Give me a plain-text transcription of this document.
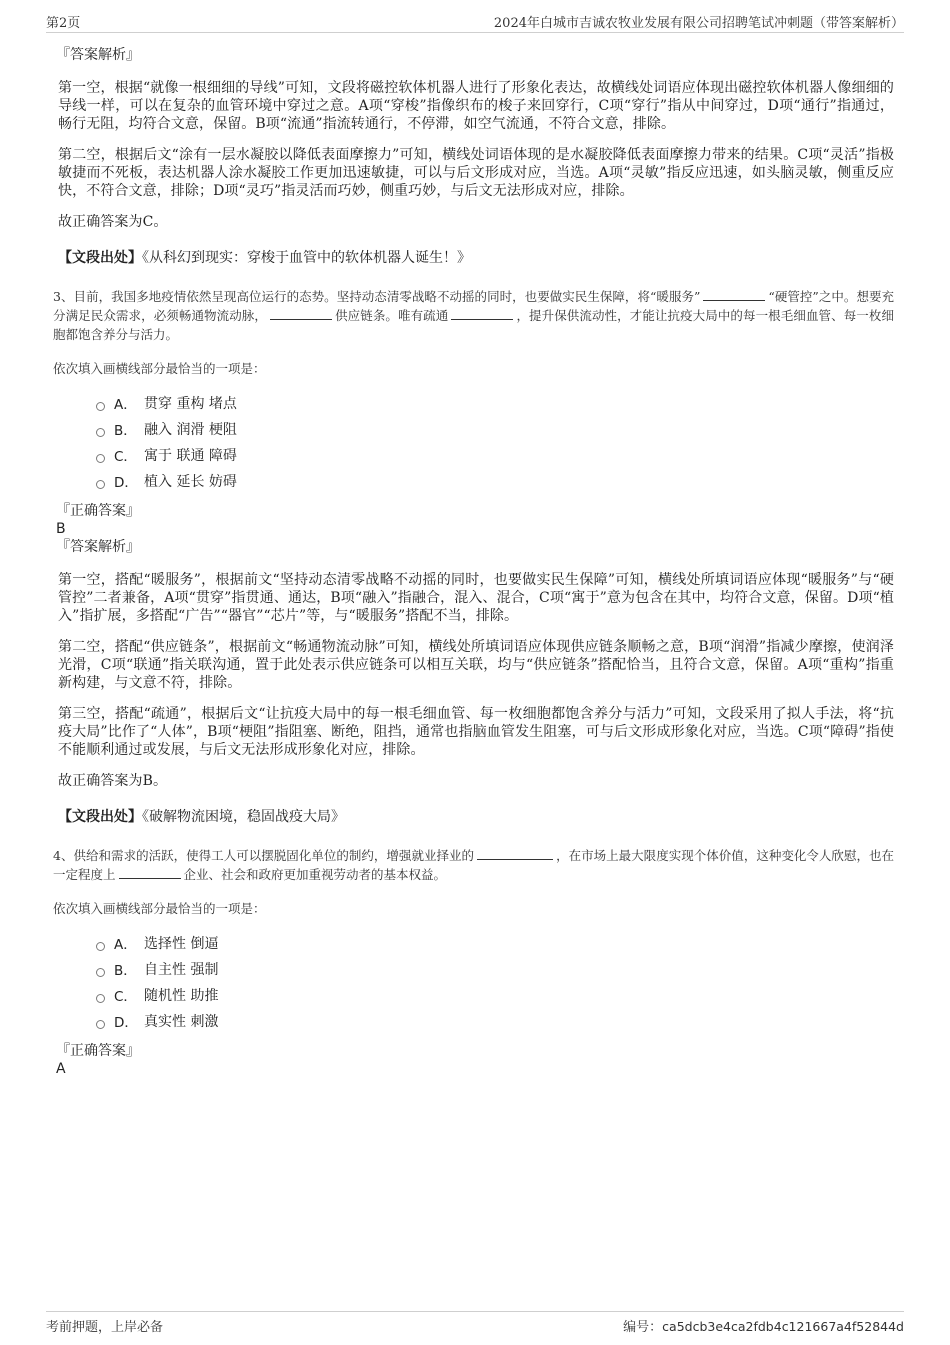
第2页	2024年白城市吉诚农牧业发展有限公司招聘笔试冲刺题（带答案解析）

『答案解析』

第一空，根据“就像一根细细的导线”可知，文段将磁控软体机器人进行了形象化表达，故横线处词语应体现出磁控软体机器人像细细的导线一样，可以在复杂的血管环境中穿过之意。A项“穿梭”指像织布的梭子来回穿行，C项“穿行”指从中间穿过，D项“通行”指通过，畅行无阻，均符合文意，保留。B项“流通”指流转通行，不停滞，如空气流通，不符合文意，排除。

第二空，根据后文“涂有一层水凝胶以降低表面摩擦力”可知，横线处词语体现的是水凝胶降低表面摩擦力带来的结果。C项“灵活”指极敏捷而不死板，表达机器人涂水凝胶工作更加迅速敏捷，可以与后文形成对应，当选。A项“灵敏”指反应迅速，如头脑灵敏，侧重反应快，不符合文意，排除；D项“灵巧”指灵活而巧妙，侧重巧妙，与后文无法形成对应，排除。

故正确答案为C。

【文段出处】《从科幻到现实：穿梭于血管中的软体机器人诞生！》

3、目前，我国多地疫情依然呈现高位运行的态势。坚持动态清零战略不动摇的同时，也要做实民生保障，将“暖服务”	“硬管控”之中。想要充分满足民众需求，必须畅通物流动脉，	供应链条。唯有疏通	，提升保供流动性，才能让抗疫大局中的每一根毛细血管、每一枚细胞都饱含养分与活力。

依次填入画横线部分最恰当的一项是：

A． 贯穿 重构 堵点
B． 融入 润滑 梗阻
C． 寓于 联通 障碍
D． 植入 延长 妨碍

『正确答案』

B

『答案解析』

第一空，搭配“暖服务”，根据前文“坚持动态清零战略不动摇的同时，也要做实民生保障”可知，横线处所填词语应体现“暖服务”与“硬管控”二者兼备，A项“贯穿”指贯通、通达，B项“融入”指融合，混入、混合，C项“寓于”意为包含在其中，均符合文意，保留。D项“植入”指扩展，多搭配“广告”“器官”“芯片”等，与“暖服务”搭配不当，排除。

第二空，搭配“供应链条”，根据前文“畅通物流动脉”可知，横线处所填词语应体现供应链条顺畅之意，B项“润滑”指减少摩擦，使润泽光滑，C项“联通”指关联沟通，置于此处表示供应链条可以相互关联，均与“供应链条”搭配恰当，且符合文意，保留。A项“重构”指重新构建，与文意不符，排除。

第三空，搭配“疏通”，根据后文“让抗疫大局中的每一根毛细血管、每一枚细胞都饱含养分与活力”可知，文段采用了拟人手法，将“抗疫大局”比作了“人体”，B项“梗阻”指阻塞、断绝，阻挡，通常也指脑血管发生阻塞，可与后文形成形象化对应，当选。C项“障碍”指使不能顺利通过或发展，与后文无法形成形象化对应，排除。

故正确答案为B。

【文段出处】《破解物流困境，稳固战疫大局》

4、供给和需求的活跃，使得工人可以摆脱固化单位的制约，增强就业择业的	，在市场上最大限度实现个体价值，这种变化令人欣慰，也在一定程度上	企业、社会和政府更加重视劳动者的基本权益。

依次填入画横线部分最恰当的一项是：

A． 选择性 倒逼
B． 自主性 强制
C． 随机性 助推
D． 真实性 刺激

『正确答案』

A

考前押题，上岸必备	编号：ca5dcb3e4ca2fdb4c121667a4f52844d
